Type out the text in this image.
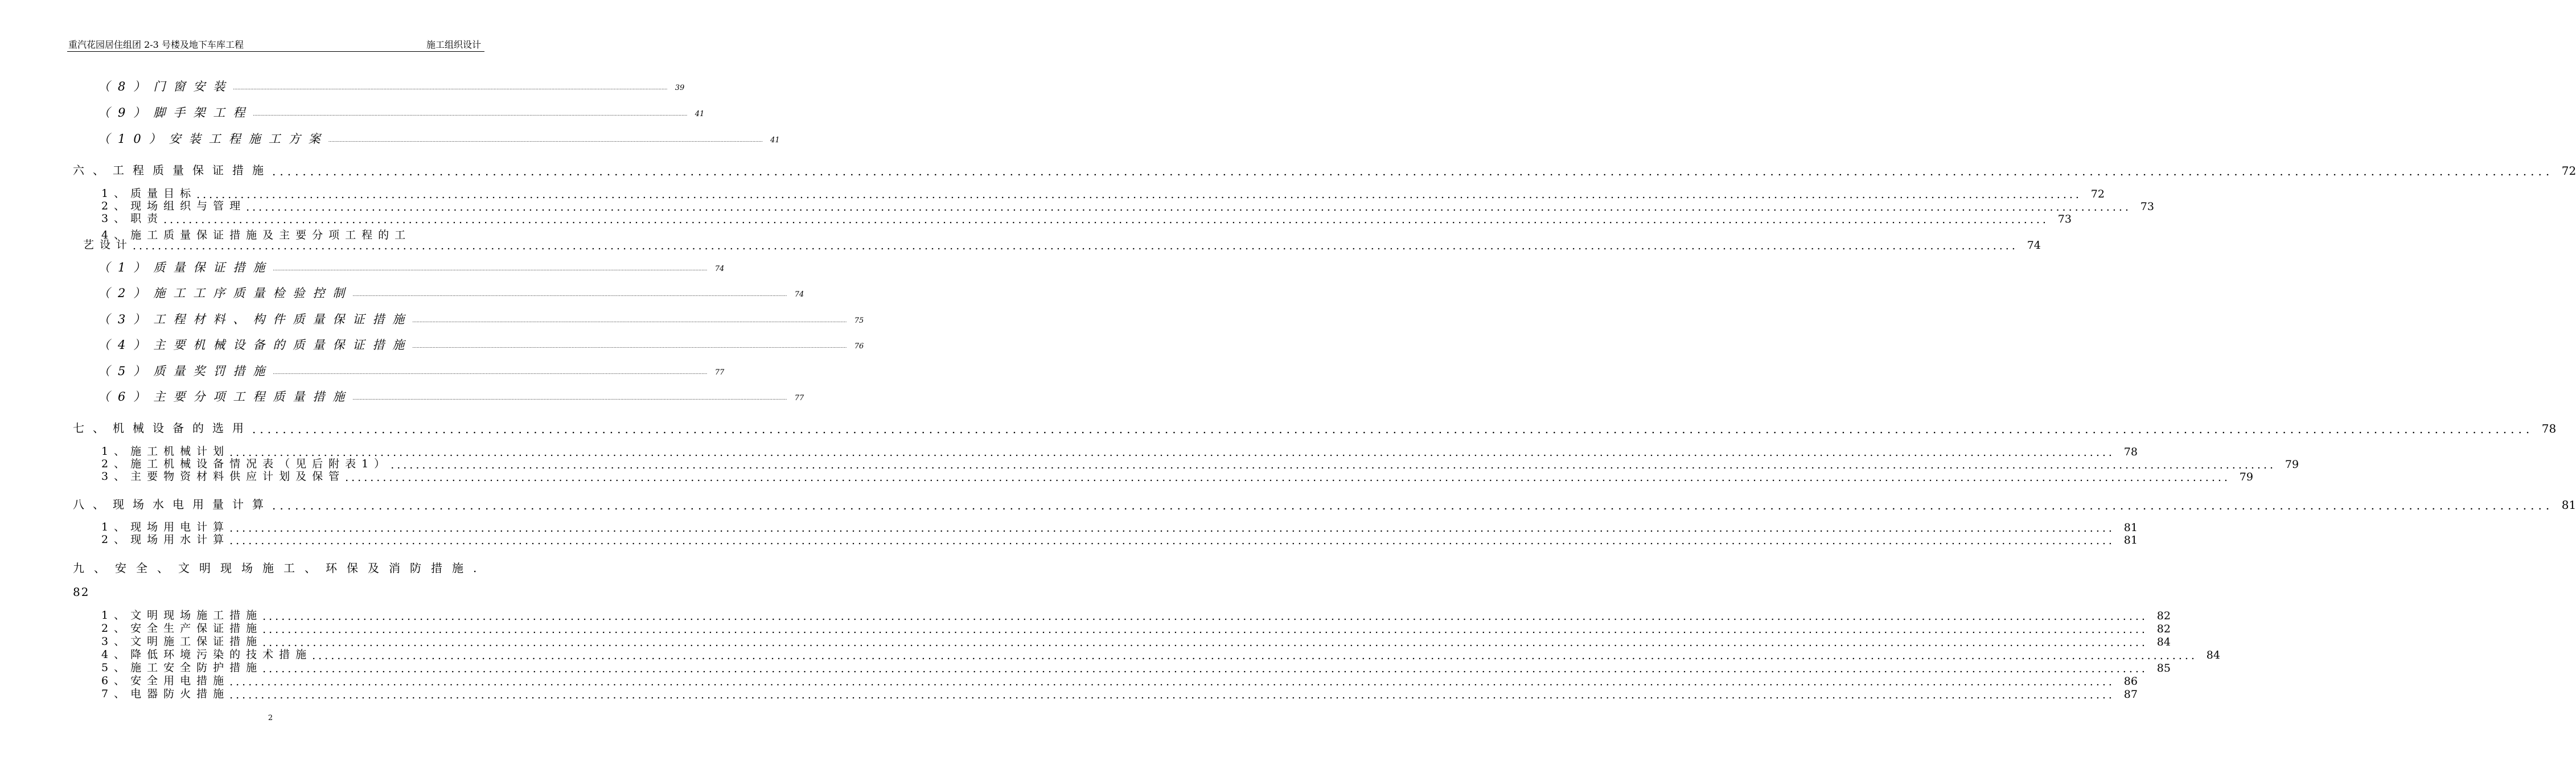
重汽花园居住组团 2-3 号楼及地下车库工程	施工组织设计
（8）门窗安装 ............................................................................................................................................................................................................................................................................................................ 39
（9）脚手架工程 ............................................................................................................................................................................................................................................................................................................ 41
（10）安装工程施工方案 ............................................................................................................................................................................................................................................................................................................ 41
六、工程质量保证措施 ............................................................................................................................................................................................................................................................................................................ 72
1、质量目标 ............................................................................................................................................................................................................................................................................................................ 72
2、现场组织与管理 ............................................................................................................................................................................................................................................................................................................ 73
3、职责 ............................................................................................................................................................................................................................................................................................................ 73
4、施工质量保证措施及主要分项工程的工
艺设计 ............................................................................................................................................................................................................................................................................................................ 74
（1）质量保证措施 ............................................................................................................................................................................................................................................................................................................ 74
（2）施工工序质量检验控制 ............................................................................................................................................................................................................................................................................................................ 74
（3）工程材料、构件质量保证措施 ............................................................................................................................................................................................................................................................................................................ 75
（4）主要机械设备的质量保证措施 ............................................................................................................................................................................................................................................................................................................ 76
（5）质量奖罚措施 ............................................................................................................................................................................................................................................................................................................ 77
（6）主要分项工程质量措施 ............................................................................................................................................................................................................................................................................................................ 77
七、机械设备的选用 ............................................................................................................................................................................................................................................................................................................ 78
1、施工机械计划 ............................................................................................................................................................................................................................................................................................................ 78
2、施工机械设备情况表（见后附表1） ............................................................................................................................................................................................................................................................................................................ 79
3、主要物资材料供应计划及保管 ............................................................................................................................................................................................................................................................................................................ 79
八、现场水电用量计算 ............................................................................................................................................................................................................................................................................................................ 81
1、现场用电计算 ............................................................................................................................................................................................................................................................................................................ 81
2、现场用水计算 ............................................................................................................................................................................................................................................................................................................ 81
九、安全、文明现场施工、环保及消防措施.
82
1、文明现场施工措施 ............................................................................................................................................................................................................................................................................................................ 82
2、安全生产保证措施 ............................................................................................................................................................................................................................................................................................................ 82
3、文明施工保证措施 ............................................................................................................................................................................................................................................................................................................ 84
4、降低环境污染的技术措施 ............................................................................................................................................................................................................................................................................................................ 84
5、施工安全防护措施 ............................................................................................................................................................................................................................................................................................................ 85
6、安全用电措施 ............................................................................................................................................................................................................................................................................................................ 86
7、电器防火措施 ............................................................................................................................................................................................................................................................................................................ 87
2
